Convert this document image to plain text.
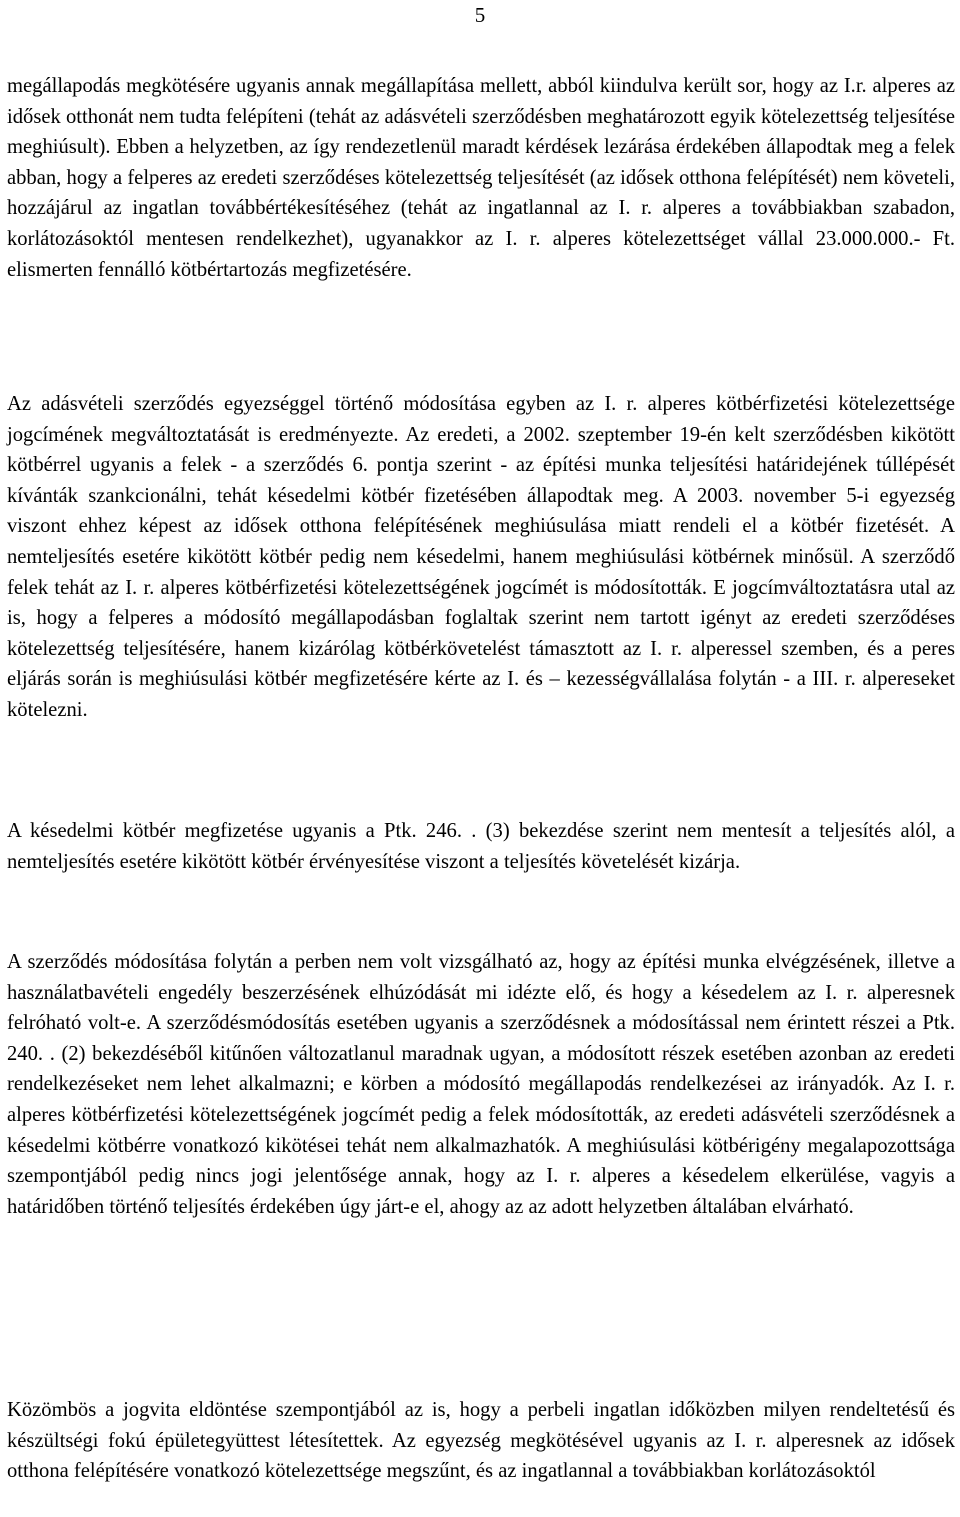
5

megállapodás megkötésére ugyanis annak megállapítása mellett, abból kiindulva került sor, hogy az I.r. alperes az idősek otthonát nem tudta felépíteni (tehát az adásvételi szerződésben meghatározott egyik kötelezettség teljesítése meghiúsult). Ebben a helyzetben, az így rendezetlenül maradt kérdések lezárása érdekében állapodtak meg a felek abban, hogy a felperes az eredeti szerződéses kötelezettség teljesítését (az idősek otthona felépítését) nem követeli, hozzájárul az ingatlan továbbértékesítéséhez (tehát az ingatlannal az I. r. alperes a továbbiakban szabadon, korlátozásoktól mentesen rendelkezhet), ugyanakkor az I. r. alperes kötelezettséget vállal 23.000.000.- Ft. elismerten fennálló kötbértartozás megfizetésére.

Az adásvételi szerződés egyezséggel történő módosítása egyben az I. r. alperes kötbérfizetési kötelezettsége jogcímének megváltoztatását is eredményezte. Az eredeti, a 2002. szeptember 19-én kelt szerződésben kikötött kötbérrel ugyanis a felek - a szerződés 6. pontja szerint - az építési munka teljesítési határidejének túllépését kívánták szankcionálni, tehát késedelmi kötbér fizetésében állapodtak meg. A 2003. november 5-i egyezség viszont ehhez képest az idősek otthona felépítésének meghiúsulása miatt rendeli el a kötbér fizetését. A nemteljesítés esetére kikötött kötbér pedig nem késedelmi, hanem meghiúsulási kötbérnek minősül. A szerződő felek tehát az I. r. alperes kötbérfizetési kötelezettségének jogcímét is módosították. E jogcímváltoztatásra utal az is, hogy a felperes a módosító megállapodásban foglaltak szerint nem tartott igényt az eredeti szerződéses kötelezettség teljesítésére, hanem kizárólag kötbérkövetelést támasztott az I. r. alperessel szemben, és a peres eljárás során is meghiúsulási kötbér megfizetésére kérte az I. és – kezességvállalása folytán - a III. r. alpereseket kötelezni.

A késedelmi kötbér megfizetése ugyanis a Ptk. 246. . (3) bekezdése szerint nem mentesít a teljesítés alól, a nemteljesítés esetére kikötött kötbér érvényesítése viszont a teljesítés követelését kizárja.

A szerződés módosítása folytán a perben nem volt vizsgálható az, hogy az építési munka elvégzésének, illetve a használatbavételi engedély beszerzésének elhúzódását mi idézte elő, és hogy a késedelem az I. r. alperesnek felróható volt-e. A szerződésmódosítás esetében ugyanis a szerződésnek a módosítással nem érintett részei a Ptk. 240. . (2) bekezdéséből kitűnően változatlanul maradnak ugyan, a módosított részek esetében azonban az eredeti rendelkezéseket nem lehet alkalmazni; e körben a módosító megállapodás rendelkezései az irányadók. Az I. r. alperes kötbérfizetési kötelezettségének jogcímét pedig a felek módosították, az eredeti adásvételi szerződésnek a késedelmi kötbérre vonatkozó kikötései tehát nem alkalmazhatók. A meghiúsulási kötbérigény megalapozottsága szempontjából pedig nincs jogi jelentősége annak, hogy az I. r. alperes a késedelem elkerülése, vagyis a határidőben történő teljesítés érdekében úgy járt-e el, ahogy az az adott helyzetben általában elvárható.

Közömbös a jogvita eldöntése szempontjából az is, hogy a perbeli ingatlan időközben milyen rendeltetésű és készültségi fokú épületegyüttest létesítettek. Az egyezség megkötésével ugyanis az I. r. alperesnek az idősek otthona felépítésére vonatkozó kötelezettsége megszűnt, és az ingatlannal a továbbiakban korlátozásoktól
